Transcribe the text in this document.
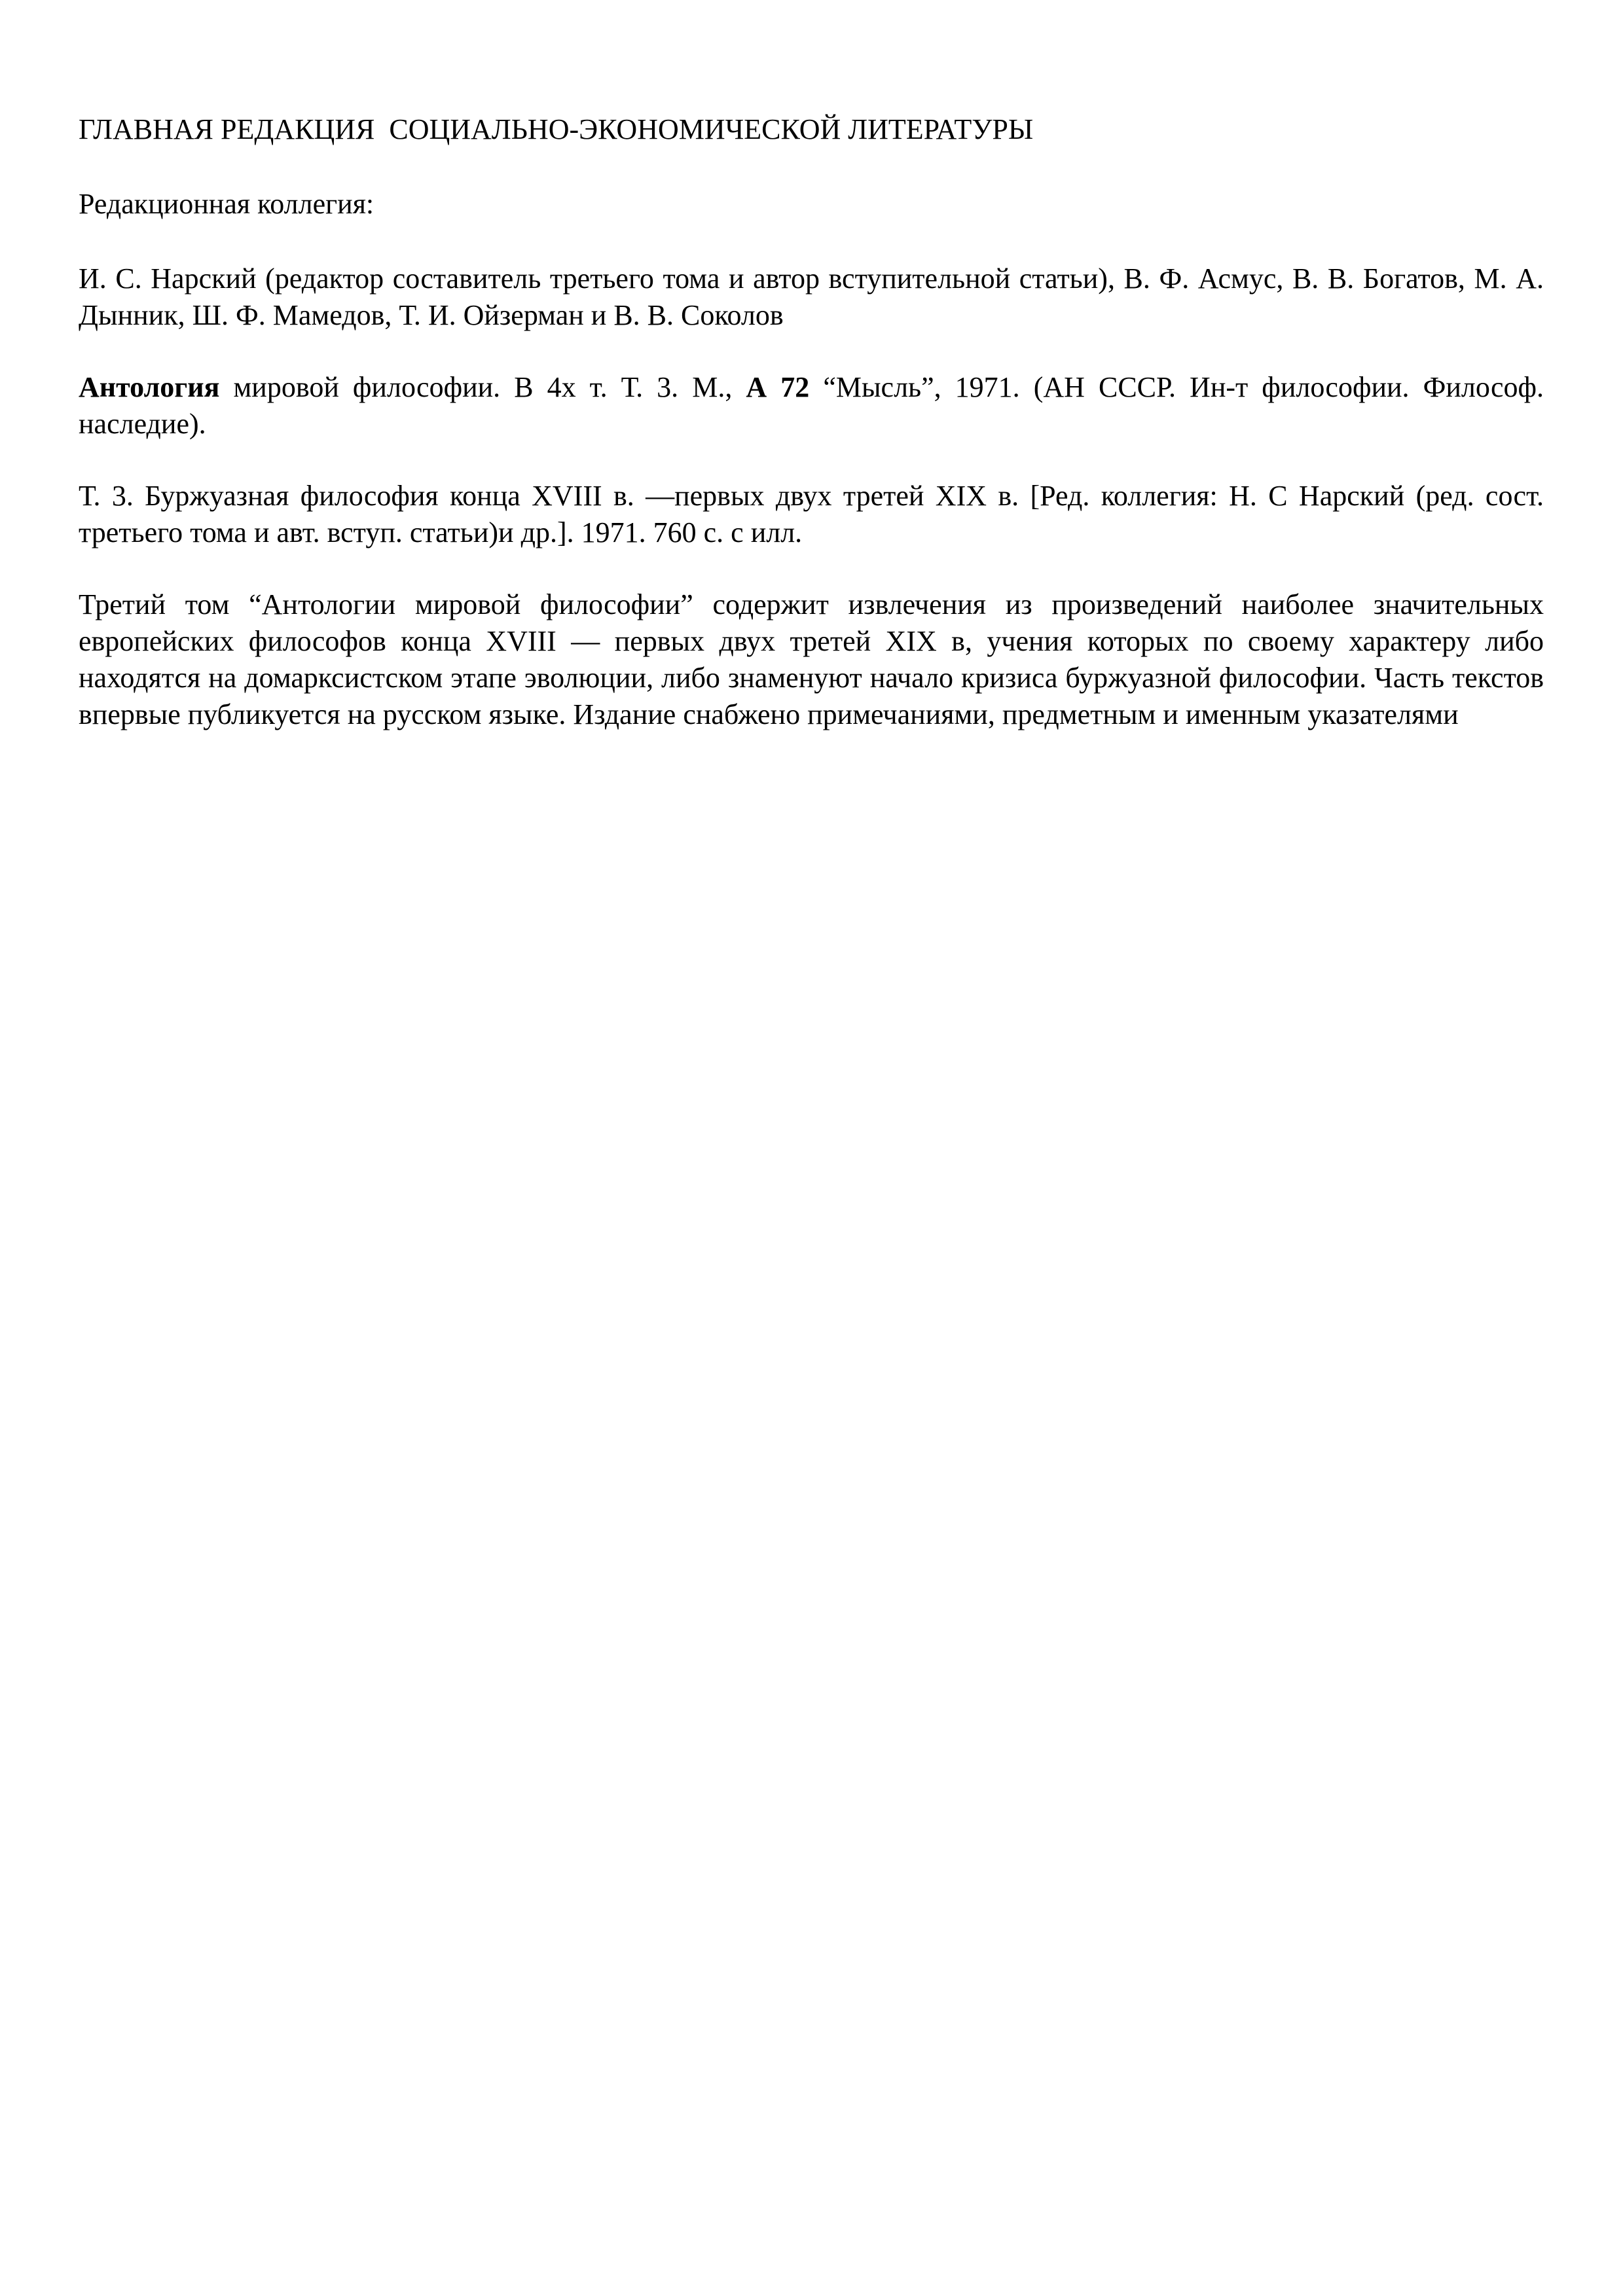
ГЛАВНАЯ РЕДАКЦИЯ  СОЦИАЛЬНО-ЭКОНОМИЧЕСКОЙ ЛИТЕРАТУРЫ

Редакционная коллегия:

И. С. Нарский (редактор составитель третьего тома и автор вступительной статьи), В. Ф. Асмус, В. В. Богатов, М. А. Дынник, Ш. Ф. Мамедов, Т. И. Ойзерман и В. В. Соколов

Антология мировой философии. В 4х т. Т. 3. М., А 72 “Мысль”, 1971. (АН СССР. Ин-т философии. Философ. наследие).

Т. 3. Буржуазная философия конца XVIII в. —первых двух третей XIX в. [Ред. коллегия: Н. С Нарский (ред. сост. третьего тома и авт. вступ. статьи)и др.]. 1971. 760 с. с илл.

Третий том “Антологии мировой философии” содержит извлечения из произведений наиболее значительных европейских философов конца XVIII — первых двух третей XIX в, учения которых по своему характеру либо находятся на домарксистском этапе эволюции, либо знаменуют начало кризиса буржуазной философии. Часть текстов впервые публикуется на русском языке. Издание снабжено примечаниями, предметным и именным указателями
